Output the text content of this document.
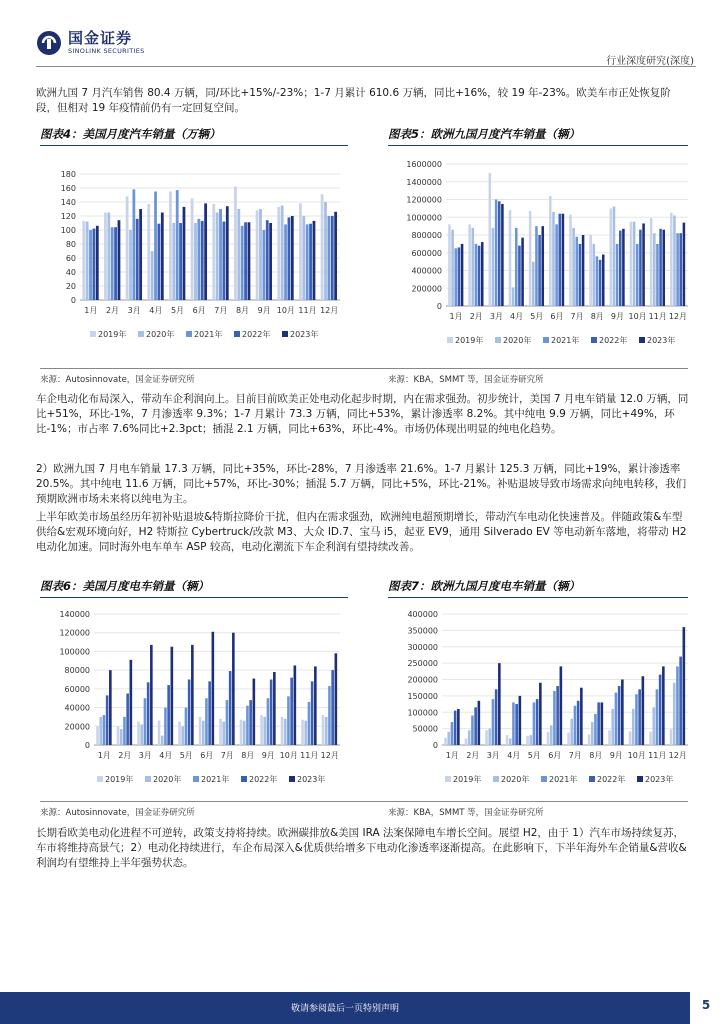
国金证券
SINOLINK SECURITIES
行业深度研究(深度)
欧洲九国 7 月汽车销售 80.4 万辆，同/环比+15%/-23%；1-7 月累计 610.6 万辆，同比+16%，较 19 年-23%。欧美车市正处恢复阶段，但相对 19 年疫情前仍有一定回复空间。
图表4：美国月度汽车销量（万辆）	图表5：欧洲九国月度汽车销量（辆）
0
20
40
60
80
100
120
140
160
180
1月 2月 3月 4月 5月 6月 7月 8月 9月 10月 11月 12月
2019年 2020年 2021年 2022年 2023年
0
200000
400000
600000
800000
1000000
1200000
1400000
1600000
1月 2月 3月 4月 5月 6月 7月 8月 9月 10月 11月 12月
2019年 2020年 2021年 2022年 2023年
来源：Autosinnovate，国金证券研究所	来源：KBA，SMMT 等，国金证券研究所
车企电动化布局深入，带动车企利润向上。目前目前欧美正处电动化起步时期，内在需求强劲。初步统计，美国 7 月电车销量 12.0 万辆，同比+51%，环比-1%，7 月渗透率 9.3%；1-7 月累计 73.3 万辆，同比+53%，累计渗透率 8.2%。其中纯电 9.9 万辆，同比+49%，环比-1%；市占率 7.6%同比+2.3pct；插混 2.1 万辆，同比+63%，环比-4%。市场仍体现出明显的纯电化趋势。
2）欧洲九国 7 月电车销量 17.3 万辆，同比+35%，环比-28%，7 月渗透率 21.6%。1-7 月累计 125.3 万辆，同比+19%，累计渗透率 20.5%。其中纯电 11.6 万辆，同比+57%，环比-30%；插混 5.7 万辆，同比+5%，环比-21%。补贴退坡导致市场需求向纯电转移，我们预期欧洲市场未来将以纯电为主。
上半年欧美市场虽经历年初补贴退坡&特斯拉降价干扰，但内在需求强劲，欧洲纯电超预期增长，带动汽车电动化快速普及。伴随政策&车型供给&宏观环境向好，H2 特斯拉 Cybertruck/改款 M3、大众 ID.7、宝马 i5，起亚 EV9，通用 Silverado EV 等电动新车落地，将带动 H2 电动化加速。同时海外电车单车 ASP 较高，电动化潮流下车企利润有望持续改善。
图表6：美国月度电车销量（辆）	图表7：欧洲九国月度电车销量（辆）
0
20000
40000
60000
80000
100000
120000
140000
1月 2月 3月 4月 5月 6月 7月 8月 9月 10月 11月 12月
2019年 2020年 2021年 2022年 2023年
0
50000
100000
150000
200000
250000
300000
350000
400000
1月 2月 3月 4月 5月 6月 7月 8月 9月 10月 11月 12月
2019年 2020年 2021年 2022年 2023年
来源：Autosinnovate，国金证券研究所	来源：KBA，SMMT 等，国金证券研究所
长期看欧美电动化进程不可逆转，政策支持将持续。欧洲碳排放&美国 IRA 法案保障电车增长空间。展望 H2，由于 1）汽车市场持续复苏，车市将维持高景气；2）电动化持续进行，车企布局深入&优质供给增多下电动化渗透率逐渐提高。在此影响下，下半年海外车企销量&营收&利润均有望维持上半年强势状态。
敬请参阅最后一页特别声明	5
